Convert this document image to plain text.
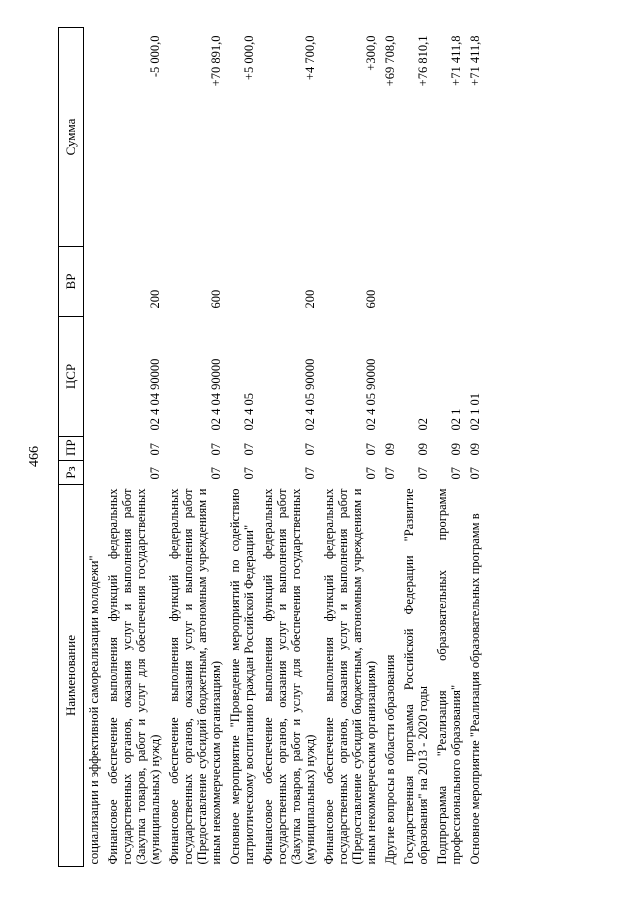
466
Наименование	Рз	ПР	ЦСР	ВР	Сумма
социализации и эффективной самореализации молодежи"					
Финансовое обеспечение выполнения функций федеральных государственных органов, оказания услуг и выполнения работ (Закупка товаров, работ и услуг для обеспечения государственных (муниципальных) нужд)	07	07	02 4 04 90000	200	-5 000,0
Финансовое обеспечение выполнения функций федеральных государственных органов, оказания услуг и выполнения работ (Предоставление субсидий бюджетным, автономным учреждениям и иным некоммерческим организациям)	07	07	02 4 04 90000	600	+70 891,0
Основное мероприятие "Проведение мероприятий по содействию патриотическому воспитанию граждан Российской Федерации"	07	07	02 4 05		+5 000,0
Финансовое обеспечение выполнения функций федеральных государственных органов, оказания услуг и выполнения работ (Закупка товаров, работ и услуг для обеспечения государственных (муниципальных) нужд)	07	07	02 4 05 90000	200	+4 700,0
Финансовое обеспечение выполнения функций федеральных государственных органов, оказания услуг и выполнения работ (Предоставление субсидий бюджетным, автономным учреждениям и иным некоммерческим организациям)	07	07	02 4 05 90000	600	+300,0
Другие вопросы в области образования	07	09			+69 708,0
Государственная программа Российской Федерации "Развитие образования" на 2013 - 2020 годы	07	09	02		+76 810,1
Подпрограмма "Реализация образовательных программ профессионального образования"	07	09	02 1		+71 411,8
Основное мероприятие "Реализация образовательных программ в	07	09	02 1 01		+71 411,8
